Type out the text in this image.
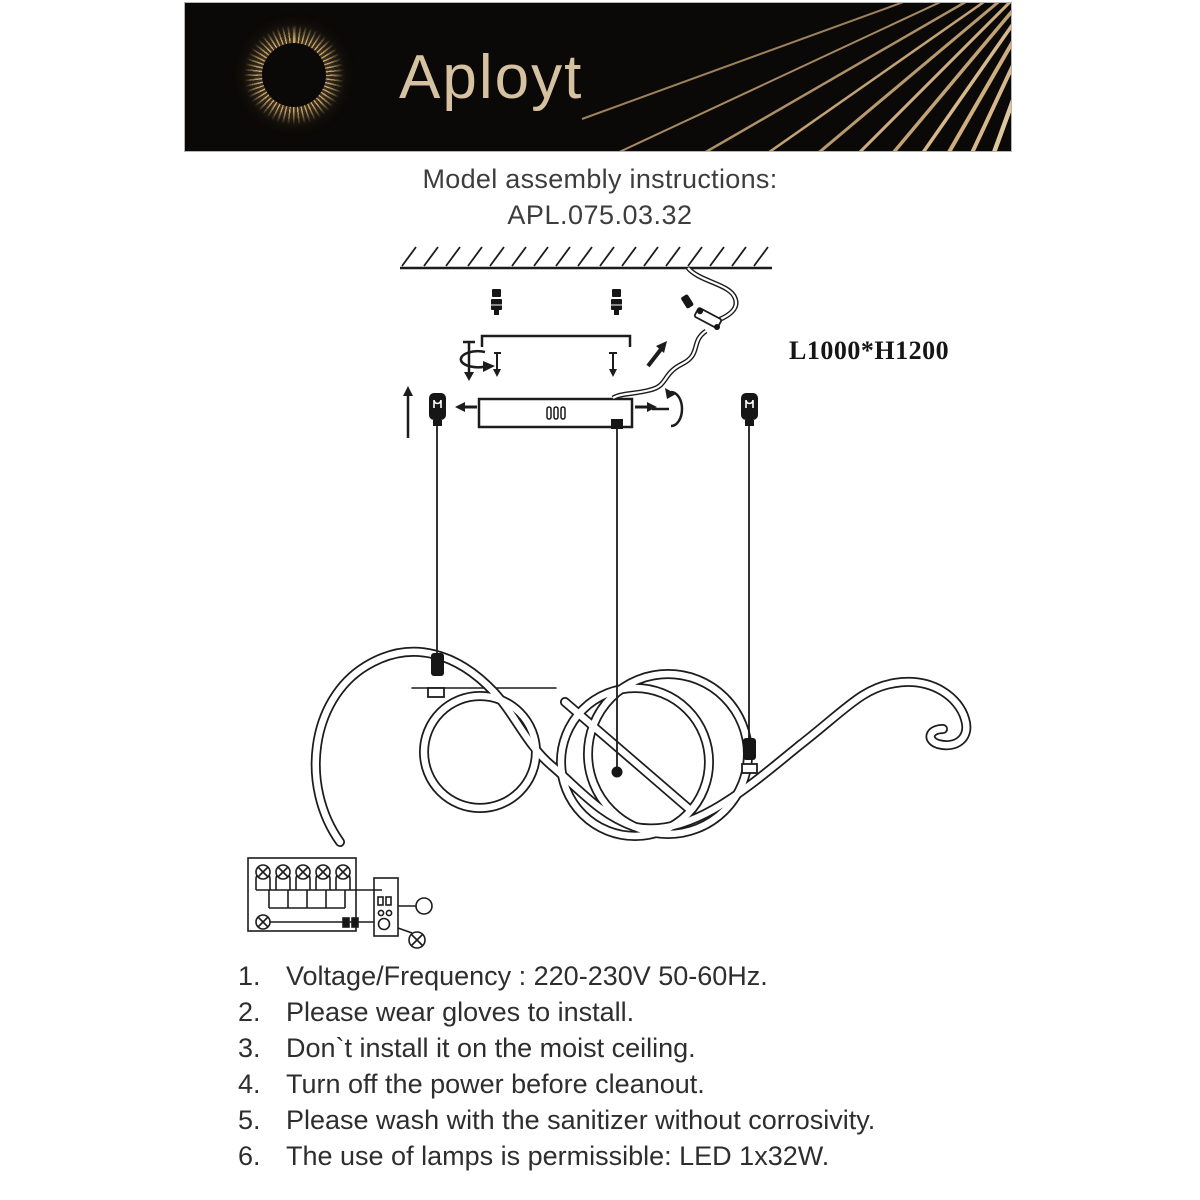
Aployt
Model assembly instructions:
APL.075.03.32
L1000*H1200
1. Voltage/Frequency : 220-230V 50-60Hz.
2. Please wear gloves to install.
3. Don`t install it on the moist ceiling.
4. Turn off the power before cleanout.
5. Please wash with the sanitizer without corrosivity.
6. The use of lamps is permissible: LED 1x32W.
